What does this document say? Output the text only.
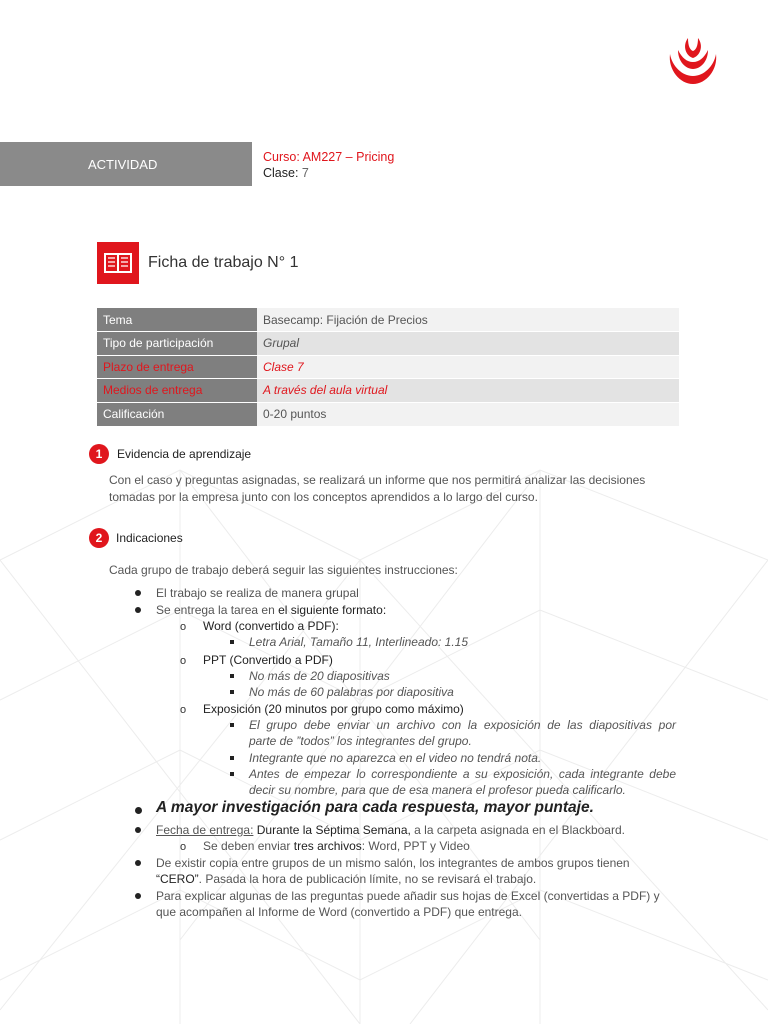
ACTIVIDAD	Curso: AM227 – Pricing
Clase: 7
Ficha de trabajo N° 1
Tema	Basecamp: Fijación de Precios
Tipo de participación	Grupal
Plazo de entrega	Clase 7
Medios de entrega	A través del aula virtual
Calificación	0-20 puntos
1	Evidencia de aprendizaje
Con el caso y preguntas asignadas, se realizará un informe que nos permitirá analizar las decisiones
tomadas por la empresa junto con los conceptos aprendidos a lo largo del curso.
2	Indicaciones
Cada grupo de trabajo deberá seguir las siguientes instrucciones:
El trabajo se realiza de manera grupal
Se entrega la tarea en el siguiente formato:
o Word (convertido a PDF):
Letra Arial, Tamaño 11, Interlineado: 1.15
o PPT (Convertido a PDF)
No más de 20 diapositivas
No más de 60 palabras por diapositiva
o Exposición (20 minutos por grupo como máximo)
El grupo debe enviar un archivo con la exposición de las diapositivas por
parte de ”todos” los integrantes del grupo.
Integrante que no aparezca en el video no tendrá nota.
Antes de empezar lo correspondiente a su exposición, cada integrante debe
decir su nombre, para que de esa manera el profesor pueda calificarlo.
A mayor investigación para cada respuesta, mayor puntaje.
Fecha de entrega: Durante la Séptima Semana, a la carpeta asignada en el Blackboard.
o Se deben enviar tres archivos: Word, PPT y Video
De existir copia entre grupos de un mismo salón, los integrantes de ambos grupos tienen
“CERO”. Pasada la hora de publicación límite, no se revisará el trabajo.
Para explicar algunas de las preguntas puede añadir sus hojas de Excel (convertidas a PDF) y
que acompañen al Informe de Word (convertido a PDF) que entrega.
